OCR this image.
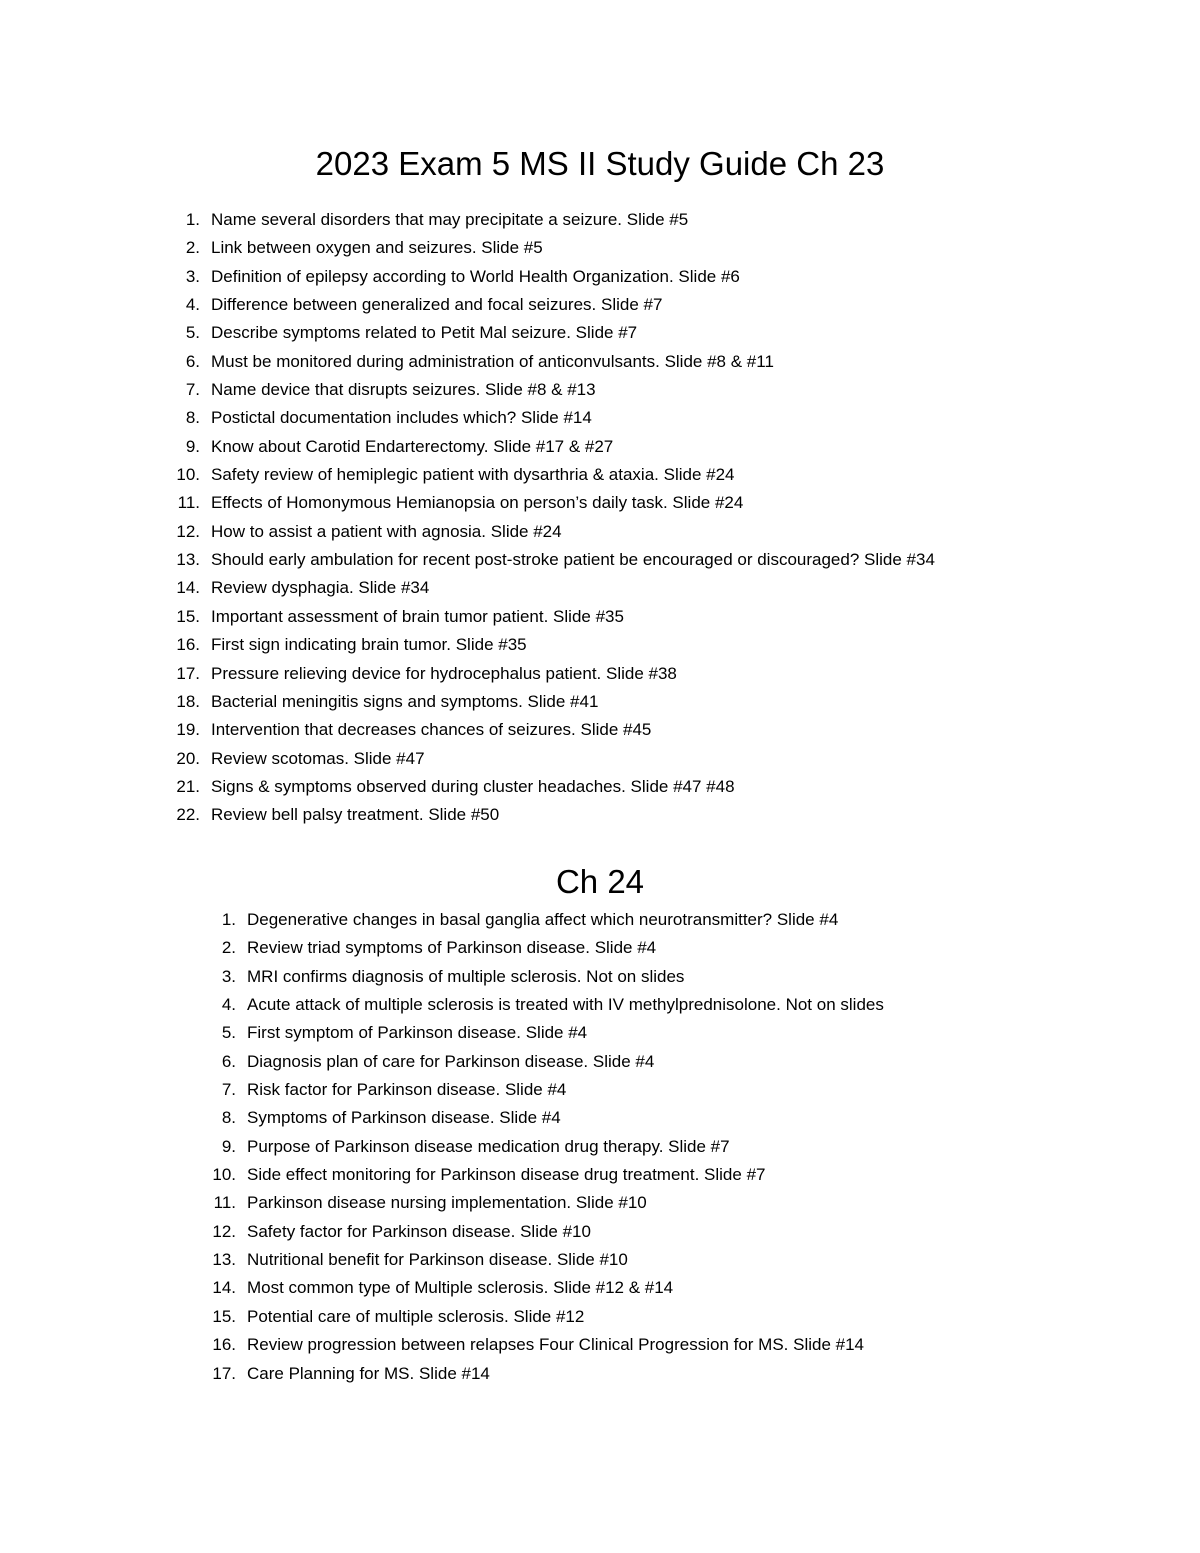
2023 Exam 5 MS II Study Guide Ch 23
1. Name several disorders that may precipitate a seizure. Slide #5
2. Link between oxygen and seizures. Slide #5
3. Definition of epilepsy according to World Health Organization. Slide #6
4. Difference between generalized and focal seizures. Slide #7
5. Describe symptoms related to Petit Mal seizure. Slide #7
6. Must be monitored during administration of anticonvulsants. Slide #8 & #11
7. Name device that disrupts seizures. Slide #8 & #13
8. Postictal documentation includes which? Slide #14
9. Know about Carotid Endarterectomy. Slide #17 & #27
10. Safety review of hemiplegic patient with dysarthria & ataxia. Slide #24
11. Effects of Homonymous Hemianopsia on person’s daily task. Slide #24
12. How to assist a patient with agnosia. Slide #24
13. Should early ambulation for recent post-stroke patient be encouraged or discouraged? Slide #34
14. Review dysphagia. Slide #34
15. Important assessment of brain tumor patient. Slide #35
16. First sign indicating brain tumor. Slide #35
17. Pressure relieving device for hydrocephalus patient. Slide #38
18. Bacterial meningitis signs and symptoms. Slide #41
19. Intervention that decreases chances of seizures. Slide #45
20. Review scotomas. Slide #47
21. Signs & symptoms observed during cluster headaches. Slide #47 #48
22. Review bell palsy treatment. Slide #50
Ch 24
1. Degenerative changes in basal ganglia affect which neurotransmitter? Slide #4
2. Review triad symptoms of Parkinson disease. Slide #4
3. MRI confirms diagnosis of multiple sclerosis. Not on slides
4. Acute attack of multiple sclerosis is treated with IV methylprednisolone. Not on slides
5. First symptom of Parkinson disease. Slide #4
6. Diagnosis plan of care for Parkinson disease. Slide #4
7. Risk factor for Parkinson disease. Slide #4
8. Symptoms of Parkinson disease. Slide #4
9. Purpose of Parkinson disease medication drug therapy. Slide #7
10. Side effect monitoring for Parkinson disease drug treatment. Slide #7
11. Parkinson disease nursing implementation. Slide #10
12. Safety factor for Parkinson disease. Slide #10
13. Nutritional benefit for Parkinson disease. Slide #10
14. Most common type of Multiple sclerosis. Slide #12 & #14
15. Potential care of multiple sclerosis. Slide #12
16. Review progression between relapses Four Clinical Progression for MS. Slide #14
17. Care Planning for MS. Slide #14
